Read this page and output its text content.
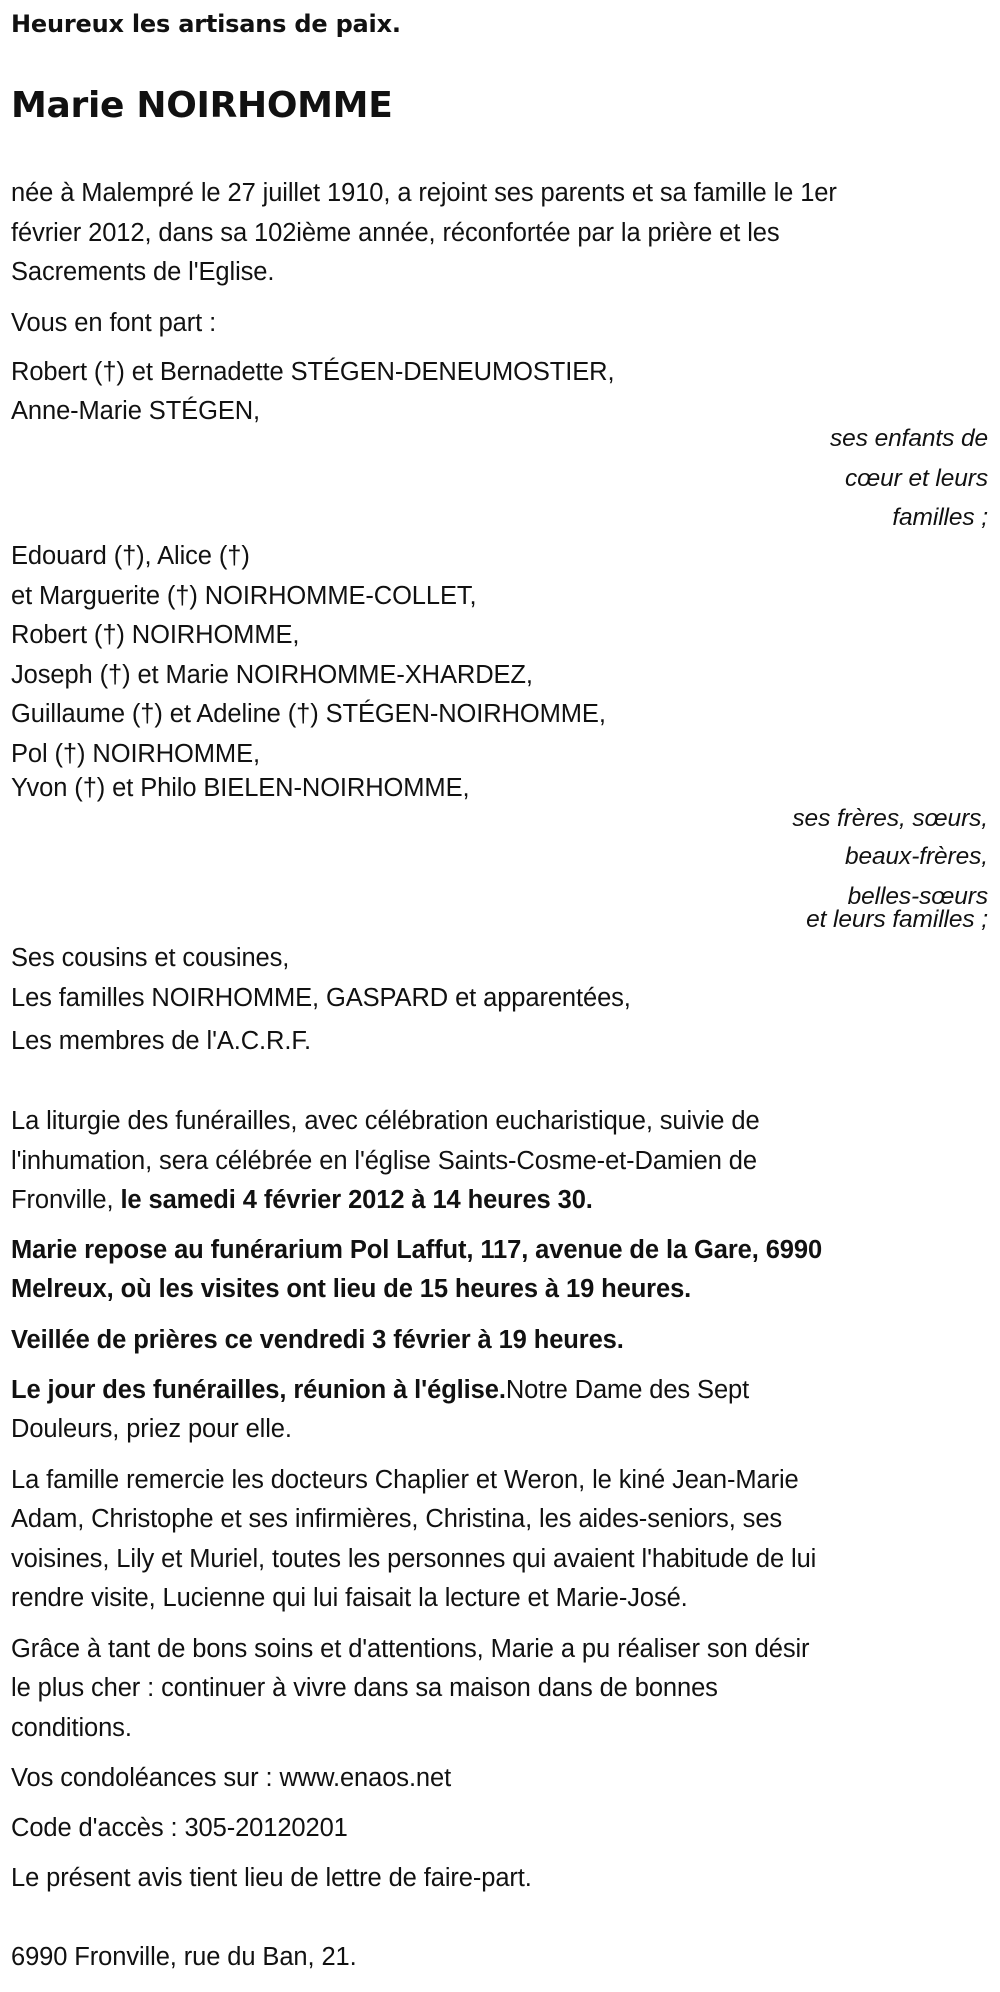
Heureux les artisans de paix.
Marie NOIRHOMME
née à Malempré le 27 juillet 1910, a rejoint ses parents et sa famille le 1er
février 2012, dans sa 102ième année, réconfortée par la prière et les
Sacrements de l'Eglise.
Vous en font part :
Robert (†) et Bernadette STÉGEN-DENEUMOSTIER,
Anne-Marie STÉGEN,
ses enfants de
cœur et leurs
familles ;
Edouard (†), Alice (†)
et Marguerite (†) NOIRHOMME-COLLET,
Robert (†) NOIRHOMME,
Joseph (†) et Marie NOIRHOMME-XHARDEZ,
Guillaume (†) et Adeline (†) STÉGEN-NOIRHOMME,
Pol (†) NOIRHOMME,
Yvon (†) et Philo BIELEN-NOIRHOMME,
ses frères, sœurs,
beaux-frères,
belles-sœurs
et leurs familles ;
Ses cousins et cousines,
Les familles NOIRHOMME, GASPARD et apparentées,
Les membres de l'A.C.R.F.
La liturgie des funérailles, avec célébration eucharistique, suivie de
l'inhumation, sera célébrée en l'église Saints-Cosme-et-Damien de
Fronville, le samedi 4 février 2012 à 14 heures 30.
Marie repose au funérarium Pol Laffut, 117, avenue de la Gare, 6990
Melreux, où les visites ont lieu de 15 heures à 19 heures.
Veillée de prières ce vendredi 3 février à 19 heures.
Le jour des funérailles, réunion à l'église.Notre Dame des Sept
Douleurs, priez pour elle.
La famille remercie les docteurs Chaplier et Weron, le kiné Jean-Marie
Adam, Christophe et ses infirmières, Christina, les aides-seniors, ses
voisines, Lily et Muriel, toutes les personnes qui avaient l'habitude de lui
rendre visite, Lucienne qui lui faisait la lecture et Marie-José.
Grâce à tant de bons soins et d'attentions, Marie a pu réaliser son désir
le plus cher : continuer à vivre dans sa maison dans de bonnes
conditions.
Vos condoléances sur : www.enaos.net
Code d'accès : 305-20120201
Le présent avis tient lieu de lettre de faire-part.
6990 Fronville, rue du Ban, 21.
